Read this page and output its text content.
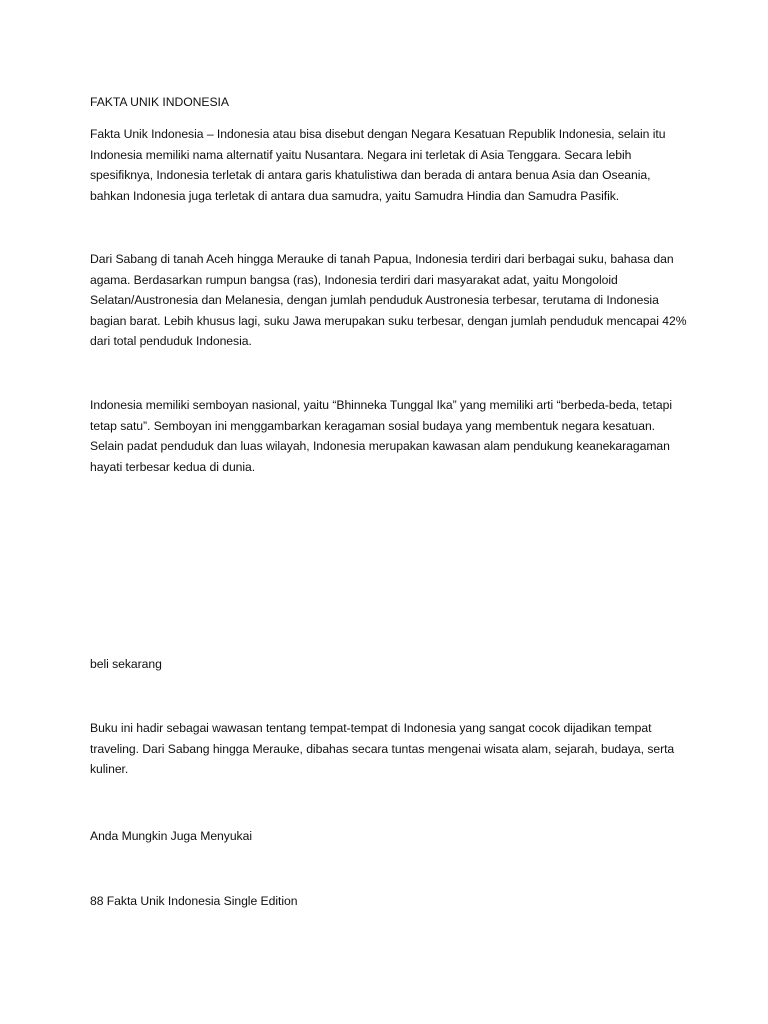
FAKTA UNIK INDONESIA

Fakta Unik Indonesia – Indonesia atau bisa disebut dengan Negara Kesatuan Republik Indonesia, selain itu Indonesia memiliki nama alternatif yaitu Nusantara. Negara ini terletak di Asia Tenggara. Secara lebih spesifiknya, Indonesia terletak di antara garis khatulistiwa dan berada di antara benua Asia dan Oseania, bahkan Indonesia juga terletak di antara dua samudra, yaitu Samudra Hindia dan Samudra Pasifik.

Dari Sabang di tanah Aceh hingga Merauke di tanah Papua, Indonesia terdiri dari berbagai suku, bahasa dan agama. Berdasarkan rumpun bangsa (ras), Indonesia terdiri dari masyarakat adat, yaitu Mongoloid Selatan/Austronesia dan Melanesia, dengan jumlah penduduk Austronesia terbesar, terutama di Indonesia bagian barat. Lebih khusus lagi, suku Jawa merupakan suku terbesar, dengan jumlah penduduk mencapai 42% dari total penduduk Indonesia.

Indonesia memiliki semboyan nasional, yaitu “Bhinneka Tunggal Ika” yang memiliki arti “berbeda-beda, tetapi tetap satu”. Semboyan ini menggambarkan keragaman sosial budaya yang membentuk negara kesatuan. Selain padat penduduk dan luas wilayah, Indonesia merupakan kawasan alam pendukung keanekaragaman hayati terbesar kedua di dunia.

beli sekarang

Buku ini hadir sebagai wawasan tentang tempat-tempat di Indonesia yang sangat cocok dijadikan tempat traveling. Dari Sabang hingga Merauke, dibahas secara tuntas mengenai wisata alam, sejarah, budaya, serta kuliner.

Anda Mungkin Juga Menyukai

88 Fakta Unik Indonesia Single Edition
